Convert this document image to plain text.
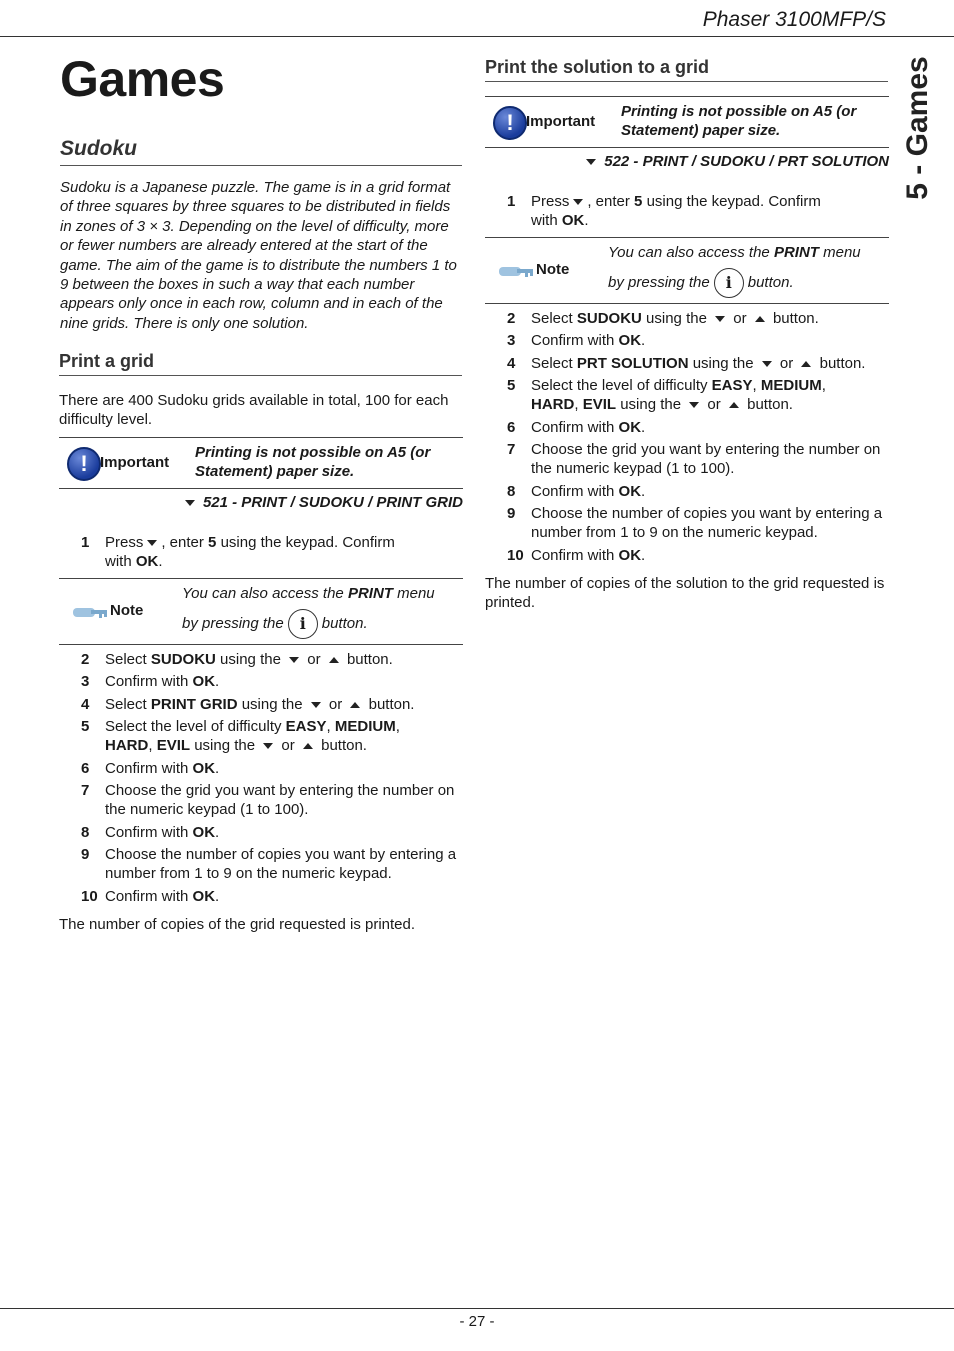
Phaser 3100MFP/S
5 - Games
Games
Sudoku
Sudoku is a Japanese puzzle. The game is in a grid format of three squares by three squares to be distributed in fields in zones of 3 × 3. Depending on the level of difficulty, more or fewer numbers are already entered at the start of the game. The aim of the game is to distribute the numbers 1 to 9 between the boxes in such a way that each number appears only once in each row, column and in each of the nine grids. There is only one solution.
Print a grid
There are 400 Sudoku grids available in total, 100 for each difficulty level.
! Important
Printing is not possible on A5 (or Statement) paper size.
521 - PRINT / SUDOKU / PRINT GRID
1	Press , enter 5 using the keypad. Confirm
with OK.
Note
You can also access the PRINT menu
by pressing the i button.
2	Select SUDOKU using the  or  button.
3	Confirm with OK.
4	Select PRINT GRID using the  or  button.
5	Select the level of difficulty EASY, MEDIUM,
HARD, EVIL using the  or  button.
6	Confirm with OK.
7	Choose the grid you want by entering the number on the numeric keypad (1 to 100).
8	Confirm with OK.
9	Choose the number of copies you want by entering a number from 1 to 9 on the numeric keypad.
10 Confirm with OK.
The number of copies of the grid requested is printed.
Print the solution to a grid
! Important
Printing is not possible on A5 (or Statement) paper size.
522 - PRINT / SUDOKU / PRT SOLUTION
1	Press , enter 5 using the keypad. Confirm
with OK.
Note
You can also access the PRINT menu
by pressing the i button.
2	Select SUDOKU using the  or  button.
3	Confirm with OK.
4	Select PRT SOLUTION using the  or  button.
5	Select the level of difficulty EASY, MEDIUM,
HARD, EVIL using the  or  button.
6	Confirm with OK.
7	Choose the grid you want by entering the number on the numeric keypad (1 to 100).
8	Confirm with OK.
9	Choose the number of copies you want by entering a number from 1 to 9 on the numeric keypad.
10 Confirm with OK.
The number of copies of the solution to the grid requested is printed.
- 27 -
